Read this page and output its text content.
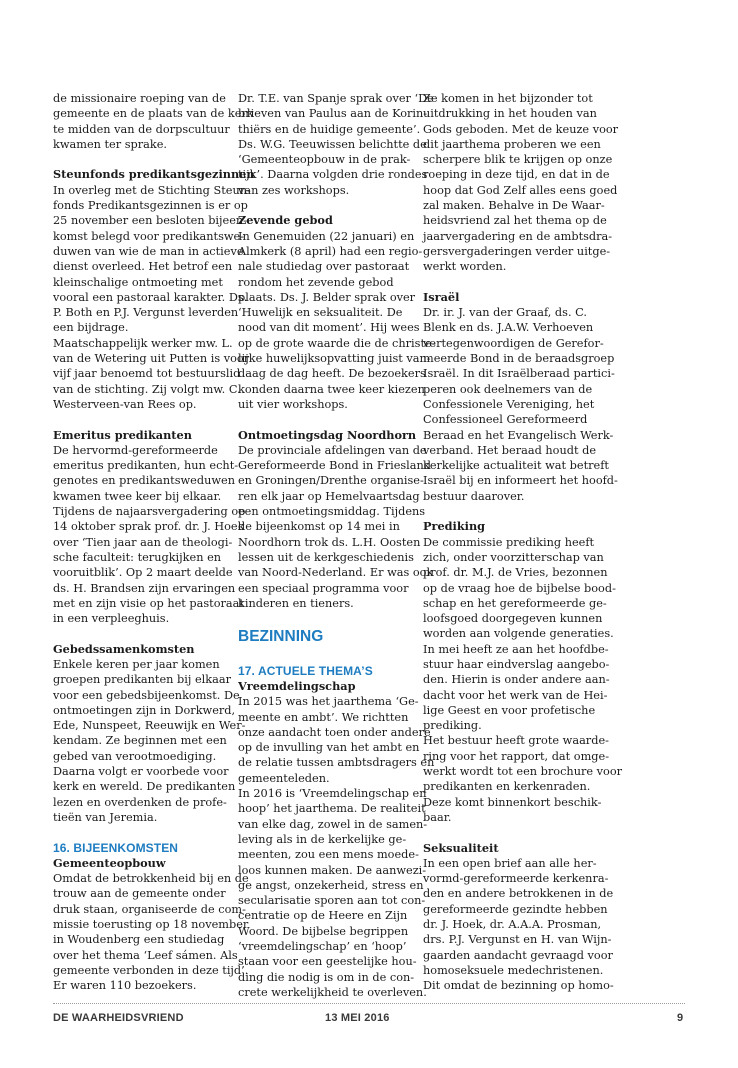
de missionaire roeping van de
gemeente en de plaats van de kerk
te midden van de dorpscultuur
kwamen ter sprake.
Steunfonds predikantsgezinnen
In overleg met de Stichting Steun-
fonds Predikantsgezinnen is er op
25 november een besloten bijeen-
komst belegd voor predikantswe-
duwen van wie de man in actieve
dienst overleed. Het betrof een
kleinschalige ontmoeting met
vooral een pastoraal karakter. Ds.
P. Both en P.J. Vergunst leverden
een bijdrage.
Maatschappelijk werker mw. L.
van de Wetering uit Putten is voor
vijf jaar benoemd tot bestuurslid
van de stichting. Zij volgt mw. C.
Westerveen-van Rees op.
Emeritus predikanten
De hervormd-gereformeerde
emeritus predikanten, hun echt-
genotes en predikantsweduwen
kwamen twee keer bij elkaar.
Tijdens de najaarsvergadering op
14 oktober sprak prof. dr. J. Hoek
over ‘Tien jaar aan de theologi-
sche faculteit: terugkijken en
vooruitblik’. Op 2 maart deelde
ds. H. Brandsen zijn ervaringen
met en zijn visie op het pastoraat
in een verpleeghuis.
Gebedssamenkomsten
Enkele keren per jaar komen
groepen predikanten bij elkaar
voor een gebedsbijeenkomst. De
ontmoetingen zijn in Dorkwerd,
Ede, Nunspeet, Reeuwijk en Wer-
kendam. Ze beginnen met een
gebed van verootmoediging.
Daarna volgt er voorbede voor
kerk en wereld. De predikanten
lezen en overdenken de profe-
tieën van Jeremia.
16. BIJEENKOMSTEN
Gemeenteopbouw
Omdat de betrokkenheid bij en de
trouw aan de gemeente onder
druk staan, organiseerde de com-
missie toerusting op 18 november
in Woudenberg een studiedag
over het thema ‘Leef sámen. Als
gemeente verbonden in deze tijd’.
Er waren 110 bezoekers.
Dr. T.E. van Spanje sprak over ‘De
brieven van Paulus aan de Korin-
thiërs en de huidige gemeente’.
Ds. W.G. Teeuwissen belichtte de
‘Gemeenteopbouw in de prak-
tijk’. Daarna volgden drie rondes
van zes workshops.
Zevende gebod
In Genemuiden (22 januari) en
Almkerk (8 april) had een regio-
nale studiedag over pastoraat
rondom het zevende gebod
plaats. Ds. J. Belder sprak over
‘Huwelijk en seksualiteit. De
nood van dit moment’. Hij wees
op de grote waarde die de christe-
lijke huwelijksopvatting juist van-
daag de dag heeft. De bezoekers
konden daarna twee keer kiezen
uit vier workshops.
Ontmoetingsdag Noordhorn
De provinciale afdelingen van de
Gereformeerde Bond in Friesland
en Groningen/Drenthe organise-
ren elk jaar op Hemelvaartsdag
een ontmoetingsmiddag. Tijdens
de bijeenkomst op 14 mei in
Noordhorn trok ds. L.H. Oosten
lessen uit de kerkgeschiedenis
van Noord-Nederland. Er was ook
een speciaal programma voor
kinderen en tieners.
BEZINNING
17. ACTUELE THEMA’S
Vreemdelingschap
In 2015 was het jaarthema ‘Ge-
meente en ambt’. We richtten
onze aandacht toen onder andere
op de invulling van het ambt en
de relatie tussen ambtsdragers en
gemeenteleden.
In 2016 is ‘Vreemdelingschap en
hoop’ het jaarthema. De realiteit
van elke dag, zowel in de samen-
leving als in de kerkelijke ge-
meenten, zou een mens moede-
loos kunnen maken. De aanwezi-
ge angst, onzekerheid, stress en
secularisatie sporen aan tot con-
centratie op de Heere en Zijn
Woord. De bijbelse begrippen
‘vreemdelingschap’ en ‘hoop’
staan voor een geestelijke hou-
ding die nodig is om in de con-
crete werkelijkheid te overleven.
Ze komen in het bijzonder tot
uitdrukking in het houden van
Gods geboden. Met de keuze voor
dit jaarthema proberen we een
scherpere blik te krijgen op onze
roeping in deze tijd, en dat in de
hoop dat God Zelf alles eens goed
zal maken. Behalve in De Waar-
heidsvriend zal het thema op de
jaarvergadering en de ambtsdra-
gersvergaderingen verder uitge-
werkt worden.
Israël
Dr. ir. J. van der Graaf, ds. C.
Blenk en ds. J.A.W. Verhoeven
vertegenwoordigen de Gerefor-
meerde Bond in de beraadsgroep
Israël. In dit Israëlberaad partici-
peren ook deelnemers van de
Confessionele Vereniging, het
Confessioneel Gereformeerd
Beraad en het Evangelisch Werk-
verband. Het beraad houdt de
kerkelijke actualiteit wat betreft
Israël bij en informeert het hoofd-
bestuur daarover.
Prediking
De commissie prediking heeft
zich, onder voorzitterschap van
prof. dr. M.J. de Vries, bezonnen
op de vraag hoe de bijbelse bood-
schap en het gereformeerde ge-
loofsgoed doorgegeven kunnen
worden aan volgende generaties.
In mei heeft ze aan het hoofdbe-
stuur haar eindverslag aangebo-
den. Hierin is onder andere aan-
dacht voor het werk van de Hei-
lige Geest en voor profetische
prediking.
Het bestuur heeft grote waarde-
ring voor het rapport, dat omge-
werkt wordt tot een brochure voor
predikanten en kerkenraden.
Deze komt binnenkort beschik-
baar.
Seksualiteit
In een open brief aan alle her-
vormd-gereformeerde kerkenra-
den en andere betrokkenen in de
gereformeerde gezindte hebben
dr. J. Hoek, dr. A.A.A. Prosman,
drs. P.J. Vergunst en H. van Wijn-
gaarden aandacht gevraagd voor
homoseksuele medechristenen.
Dit omdat de bezinning op homo-
DE WAARHEIDSVRIEND	13 MEI 2016	9
